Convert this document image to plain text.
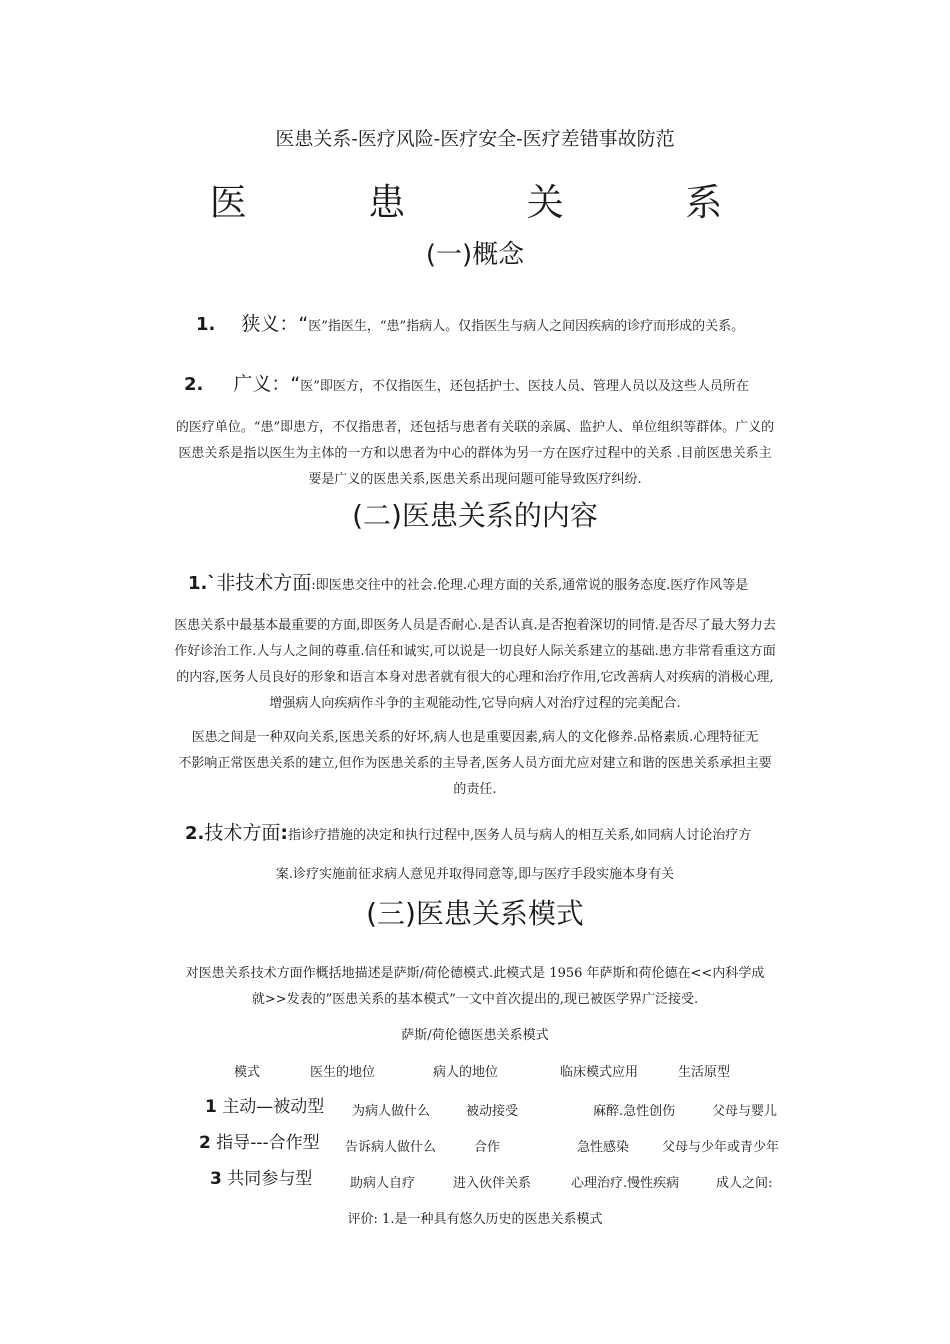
医患关系-医疗风险-医疗安全-医疗差错事故防范
医  患  关  系
(一)概念
1. 狭义：“医”指医生，“患”指病人。仅指医生与病人之间因疾病的诊疗而形成的关系。
2. 广义：“医”即医方，不仅指医生，还包括护士、医技人员、管理人员以及这些人员所在
的医疗单位。“患”即患方，不仅指患者，还包括与患者有关联的亲属、监护人、单位组织等群体。广义的
医患关系是指以医生为主体的一方和以患者为中心的群体为另一方在医疗过程中的关系 .目前医患关系主
要是广义的医患关系,医患关系出现问题可能导致医疗纠纷.
(二)医患关系的内容
1.`非技术方面:即医患交往中的社会.伦理.心理方面的关系,通常说的服务态度.医疗作风等是
医患关系中最基本最重要的方面,即医务人员是否耐心.是否认真.是否抱着深切的同情.是否尽了最大努力去
作好诊治工作.人与人之间的尊重.信任和诚实,可以说是一切良好人际关系建立的基础.患方非常看重这方面
的内容,医务人员良好的形象和语言本身对患者就有很大的心理和治疗作用,它改善病人对疾病的消极心理,
增强病人向疾病作斗争的主观能动性,它导向病人对治疗过程的完美配合.
医患之间是一种双向关系,医患关系的好坏,病人也是重要因素,病人的文化修养.品格素质.心理特征无
不影响正常医患关系的建立,但作为医患关系的主导者,医务人员方面尤应对建立和谐的医患关系承担主要
的责任.
2.技术方面:指诊疗措施的决定和执行过程中,医务人员与病人的相互关系,如同病人讨论治疗方
案.诊疗实施前征求病人意见并取得同意等,即与医疗手段实施本身有关
(三)医患关系模式
对医患关系技术方面作概括地描述是萨斯/荷伦德模式.此模式是 1956 年萨斯和荷伦德在<<内科学成
就>>发表的”医患关系的基本模式”一文中首次提出的,现已被医学界广泛接受.
萨斯/荷伦德医患关系模式
模式	医生的地位	病人的地位	临床模式应用	生活原型
1 主动—被动型 为病人做什么	被动接受	麻醉.急性创伤	父母与婴儿
2 指导---合作型 告诉病人做什么	合作	急性感染	父母与少年或青少年
3 共同参与型	助病人自疗	进入伙伴关系	心理治疗.慢性疾病	成人之间:
评价: 1.是一种具有悠久历史的医患关系模式
